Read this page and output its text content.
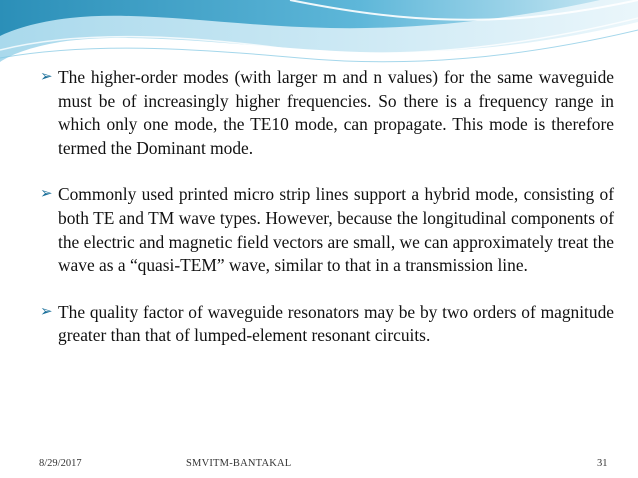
➢ The higher-order modes (with larger m and n values) for the same waveguide must be of increasingly higher frequencies. So there is a frequency range in which only one mode, the TE10 mode, can propagate. This mode is therefore termed the Dominant mode.
➢ Commonly used printed micro strip lines support a hybrid mode, consisting of both TE and TM wave types. However, because the longitudinal components of the electric and magnetic field vectors are small, we can approximately treat the wave as a “quasi-TEM” wave, similar to that in a transmission line.
➢ The quality factor of waveguide resonators may be by two orders of magnitude greater than that of lumped-element resonant circuits.
8/29/2017	SMVITM-BANTAKAL	31
